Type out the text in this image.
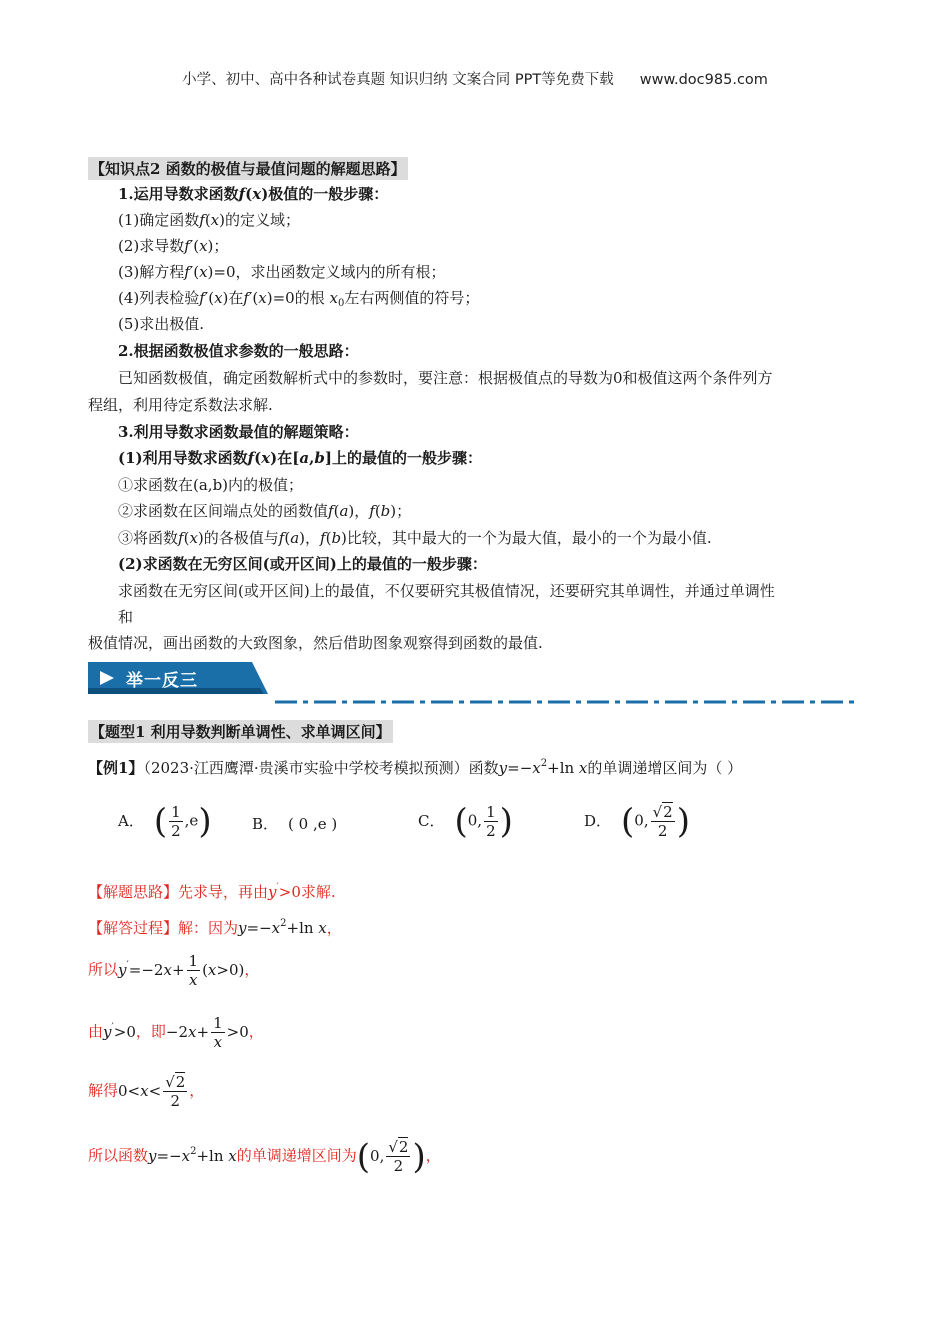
小学、初中、高中各种试卷真题 知识归纳 文案合同 PPT等免费下载 www.doc985.com
【知识点2 函数的极值与最值问题的解题思路】
1.运用导数求函数f(x)极值的一般步骤：
(1)确定函数f(x)的定义域；
(2)求导数f′(x)；
(3)解方程f′(x)=0，求出函数定义域内的所有根；
(4)列表检验f′(x)在f′(x)=0的根 $x_0$左右两侧值的符号；
(5)求出极值.
2.根据函数极值求参数的一般思路：
已知函数极值，确定函数解析式中的参数时，要注意：根据极值点的导数为0和极值这两个条件列方
程组，利用待定系数法求解.
3.利用导数求函数最值的解题策略：
(1)利用导数求函数f(x)在[a,b]上的最值的一般步骤：
①求函数在(a,b)内的极值；
②求函数在区间端点处的函数值f(a)，f(b)；
③将函数f(x)的各极值与f(a)，f(b)比较，其中最大的一个为最大值，最小的一个为最小值.
(2)求函数在无穷区间(或开区间)上的最值的一般步骤：
求函数在无穷区间(或开区间)上的最值，不仅要研究其极值情况，还要研究其单调性，并通过单调性
和
极值情况，画出函数的大致图象，然后借助图象观察得到函数的最值.
举一反三
【题型1 利用导数判断单调性、求单调区间】
【例1】（2023·江西鹰潭·贵溪市实验中学校考模拟预测）函数$y=-x^2+\ln$ x的单调递增区间为（ ）
A． ( $\frac{1}{2} ,e$)	B． ( 0 ,e )	C． (0, $\frac{1}{2}$ )	D． (0, $\frac{√2}{2}$ )
【解题思路】先求导，再由y′>0求解.
【解答过程】解：因为$y=-x^2+\ln$ x，
所以$y'=-2x+ \frac{1}{x} (x>0)$，
由y′>0，即$-2x+ \frac{1}{x} >0$，
解得$0<x< \frac{√2}{2}$ ，
所以函数$y=-x^2+\ln$ x的单调递增区间为(0, $\frac{√2}{2}$ )，
